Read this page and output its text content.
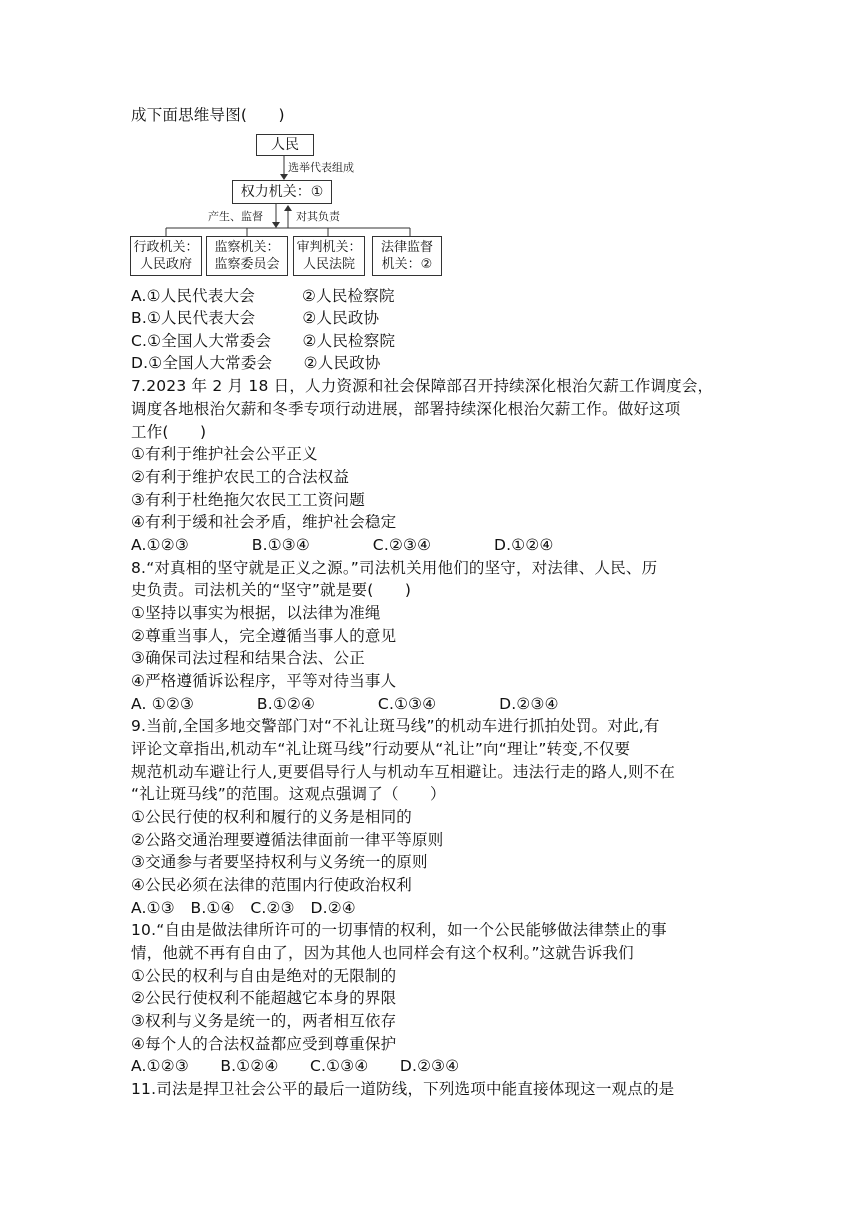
成下面思维导图(　　)
人民
选举代表组成
权力机关：①
产生、监督	对其负责
行政机关：
人民政府
监察机关：
监察委员会
审判机关：
人民法院
法律监督
机关：②
A.①人民代表大会　　　②人民检察院
B.①人民代表大会　　　②人民政协
C.①全国人大常委会　　②人民检察院
D.①全国人大常委会　　②人民政协
7.2023 年 2 月 18 日，人力资源和社会保障部召开持续深化根治欠薪工作调度会，
调度各地根治欠薪和冬季专项行动进展，部署持续深化根治欠薪工作。做好这项
工作(　　)
①有利于维护社会公平正义
②有利于维护农民工的合法权益
③有利于杜绝拖欠农民工工资问题
④有利于缓和社会矛盾，维护社会稳定
A.①②③　　　　B.①③④　　　　C.②③④　　　　D.①②④
8.“对真相的坚守就是正义之源。”司法机关用他们的坚守，对法律、人民、历
史负责。司法机关的“坚守”就是要(　　)
①坚持以事实为根据，以法律为准绳
②尊重当事人，完全遵循当事人的意见
③确保司法过程和结果合法、公正
④严格遵循诉讼程序，平等对待当事人
A. ①②③　　　　B.①②④　　　　C.①③④　　　　D.②③④
9.当前,全国多地交警部门对“不礼让斑马线”的机动车进行抓拍处罚。对此,有
评论文章指出,机动车“礼让斑马线”行动要从“礼让”向“理让”转变,不仅要
规范机动车避让行人,更要倡导行人与机动车互相避让。违法行走的路人,则不在
“礼让斑马线”的范围。这观点强调了（　　）
①公民行使的权利和履行的义务是相同的
②公路交通治理要遵循法律面前一律平等原则
③交通参与者要坚持权利与义务统一的原则
④公民必须在法律的范围内行使政治权利
A.①③　B.①④　C.②③　D.②④
10.“自由是做法律所许可的一切事情的权利，如一个公民能够做法律禁止的事
情，他就不再有自由了，因为其他人也同样会有这个权利。”这就告诉我们
①公民的权利与自由是绝对的无限制的
②公民行使权利不能超越它本身的界限
③权利与义务是统一的，两者相互依存
④每个人的合法权益都应受到尊重保护
A.①②③　　B.①②④　　C.①③④　　D.②③④
11.司法是捍卫社会公平的最后一道防线，下列选项中能直接体现这一观点的是
